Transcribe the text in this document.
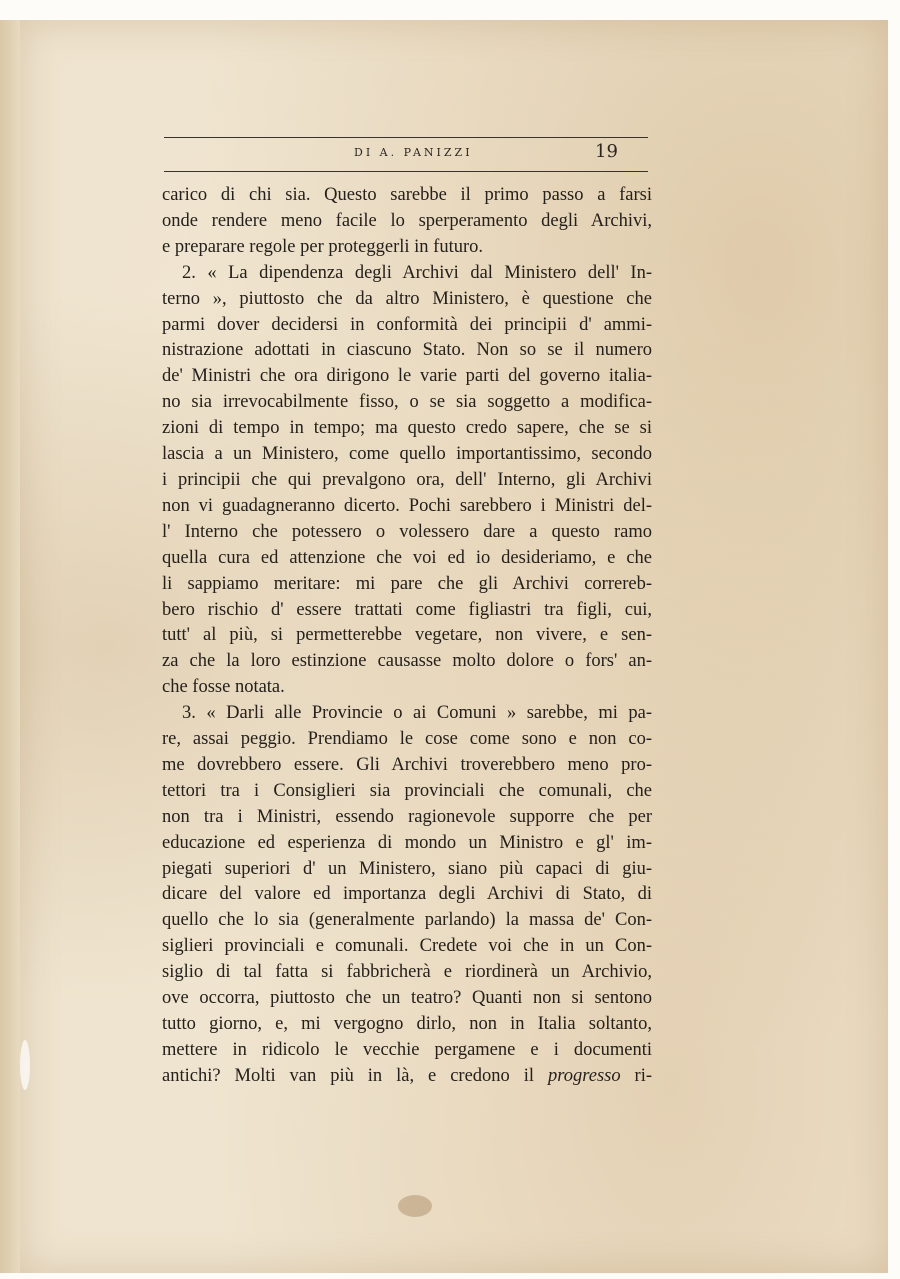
DI A. PANIZZI	19
carico di chi sia. Questo sarebbe il primo passo a farsi
onde rendere meno facile lo sperperamento degli Archivi,
e preparare regole per proteggerli in futuro.
2. « La dipendenza degli Archivi dal Ministero dell' In-
terno », piuttosto che da altro Ministero, è questione che
parmi dover decidersi in conformità dei principii d' ammi-
nistrazione adottati in ciascuno Stato. Non so se il numero
de' Ministri che ora dirigono le varie parti del governo italia-
no sia irrevocabilmente fisso, o se sia soggetto a modifica-
zioni di tempo in tempo; ma questo credo sapere, che se si
lascia a un Ministero, come quello importantissimo, secondo
i principii che qui prevalgono ora, dell' Interno, gli Archivi
non vi guadagneranno dicerto. Pochi sarebbero i Ministri del-
l' Interno che potessero o volessero dare a questo ramo
quella cura ed attenzione che voi ed io desideriamo, e che
li sappiamo meritare: mi pare che gli Archivi correreb-
bero rischio d' essere trattati come figliastri tra figli, cui,
tutt' al più, si permetterebbe vegetare, non vivere, e sen-
za che la loro estinzione causasse molto dolore o fors' an-
che fosse notata.
3. « Darli alle Provincie o ai Comuni » sarebbe, mi pa-
re, assai peggio. Prendiamo le cose come sono e non co-
me dovrebbero essere. Gli Archivi troverebbero meno pro-
tettori tra i Consiglieri sia provinciali che comunali, che
non tra i Ministri, essendo ragionevole supporre che per
educazione ed esperienza di mondo un Ministro e gl' im-
piegati superiori d' un Ministero, siano più capaci di giu-
dicare del valore ed importanza degli Archivi di Stato, di
quello che lo sia (generalmente parlando) la massa de' Con-
siglieri provinciali e comunali. Credete voi che in un Con-
siglio di tal fatta si fabbricherà e riordinerà un Archivio,
ove occorra, piuttosto che un teatro? Quanti non si sentono
tutto giorno, e, mi vergogno dirlo, non in Italia soltanto,
mettere in ridicolo le vecchie pergamene e i documenti
antichi? Molti van più in là, e credono il progresso ri-
